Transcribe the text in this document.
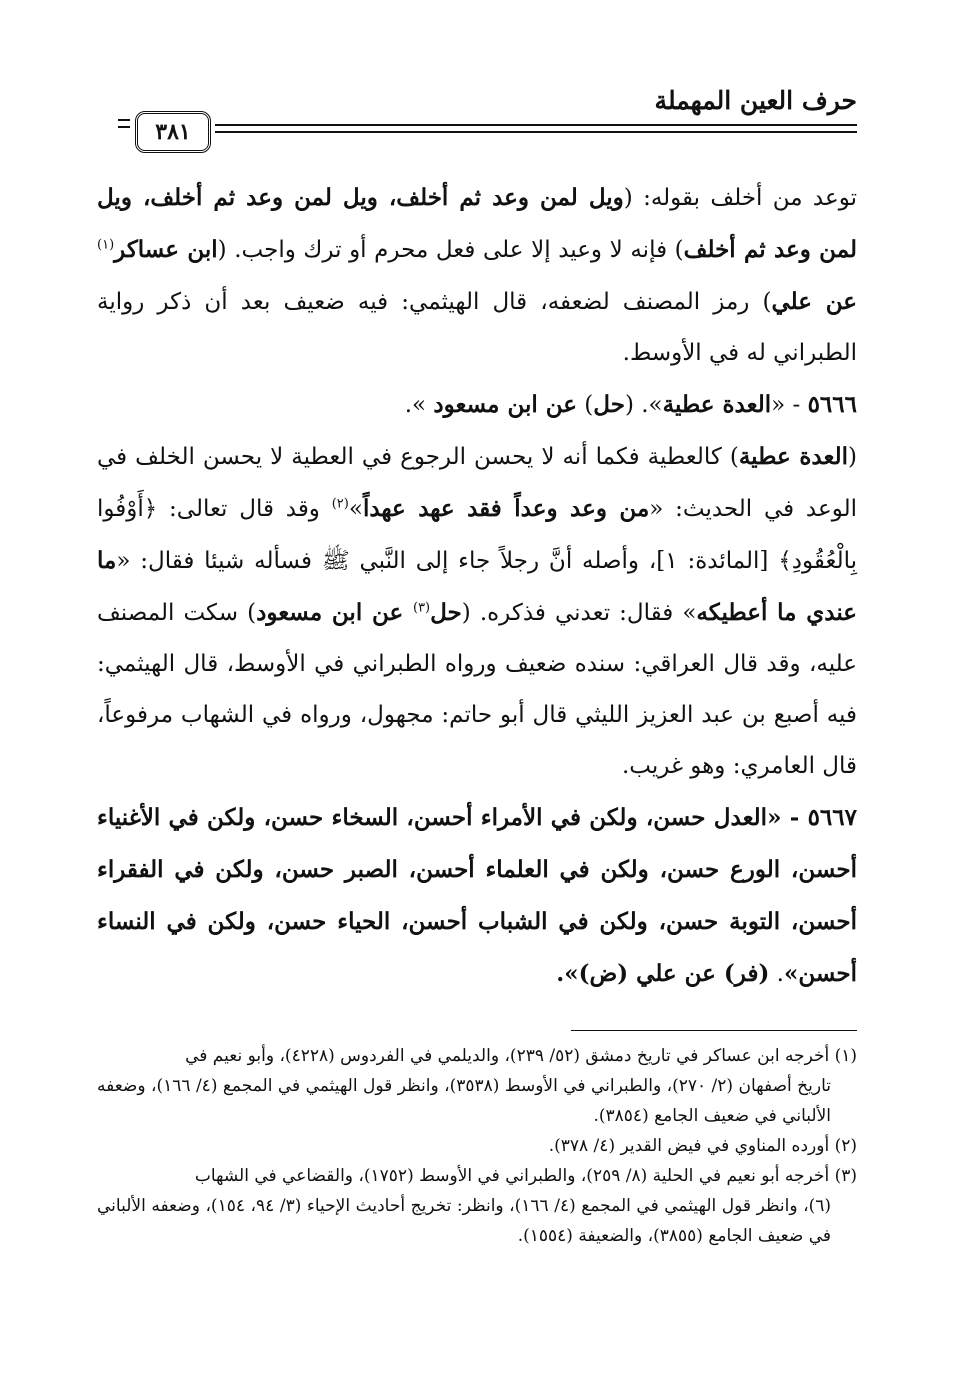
حرف العين المهملة
٣٨١

توعد من أخلف بقوله: (ويل لمن وعد ثم أخلف، ويل لمن وعد ثم أخلف، ويل لمن وعد ثم أخلف) فإنه لا وعيد إلا على فعل محرم أو ترك واجب. (ابن عساكر$^{(١)}$ عن علي) رمز المصنف لضعفه، قال الهيثمي: فيه ضعيف بعد أن ذكر رواية الطبراني له في الأوسط.

٥٦٦٦ - «العدة عطية». (حل) عن ابن مسعود ».

(العدة عطية) كالعطية فكما أنه لا يحسن الرجوع في العطية لا يحسن الخلف في الوعد في الحديث: «من وعد وعداً فقد عهد عهداً»$^{(٢)}$ وقد قال تعالى: ﴿أَوْفُوا بِالْعُقُودِ﴾ [المائدة: ١]، وأصله أنَّ رجلاً جاء إلى النَّبي ﷺ فسأله شيئا فقال: «ما عندي ما أعطيكه» فقال: تعدني فذكره. (حل$^{(٣)}$ عن ابن مسعود) سكت المصنف عليه، وقد قال العراقي: سنده ضعيف ورواه الطبراني في الأوسط، قال الهيثمي: فيه أصبع بن عبد العزيز الليثي قال أبو حاتم: مجهول، ورواه في الشهاب مرفوعاً، قال العامري: وهو غريب.

٥٦٦٧ - «العدل حسن، ولكن في الأمراء أحسن، السخاء حسن، ولكن في الأغنياء أحسن، الورع حسن، ولكن في العلماء أحسن، الصبر حسن، ولكن في الفقراء أحسن، التوبة حسن، ولكن في الشباب أحسن، الحياء حسن، ولكن في النساء أحسن». (فر) عن علي (ض)».

(١) أخرجه ابن عساكر في تاريخ دمشق (٥٢/ ٢٣٩)، والديلمي في الفردوس (٤٢٢٨)، وأبو نعيم في

تاريخ أصفهان (٢/ ٢٧٠)، والطبراني في الأوسط (٣٥٣٨)، وانظر قول الهيثمي في المجمع (٤/ ١٦٦)، وضعفه الألباني في ضعيف الجامع (٣٨٥٤).

(٢) أورده المناوي في فيض القدير (٤/ ٣٧٨).

(٣) أخرجه أبو نعيم في الحلية (٨/ ٢٥٩)، والطبراني في الأوسط (١٧٥٢)، والقضاعي في الشهاب

(٦)، وانظر قول الهيثمي في المجمع (٤/ ١٦٦)، وانظر: تخريج أحاديث الإحياء (٣/ ٩٤، ١٥٤)، وضعفه الألباني في ضعيف الجامع (٣٨٥٥)، والضعيفة (١٥٥٤).
